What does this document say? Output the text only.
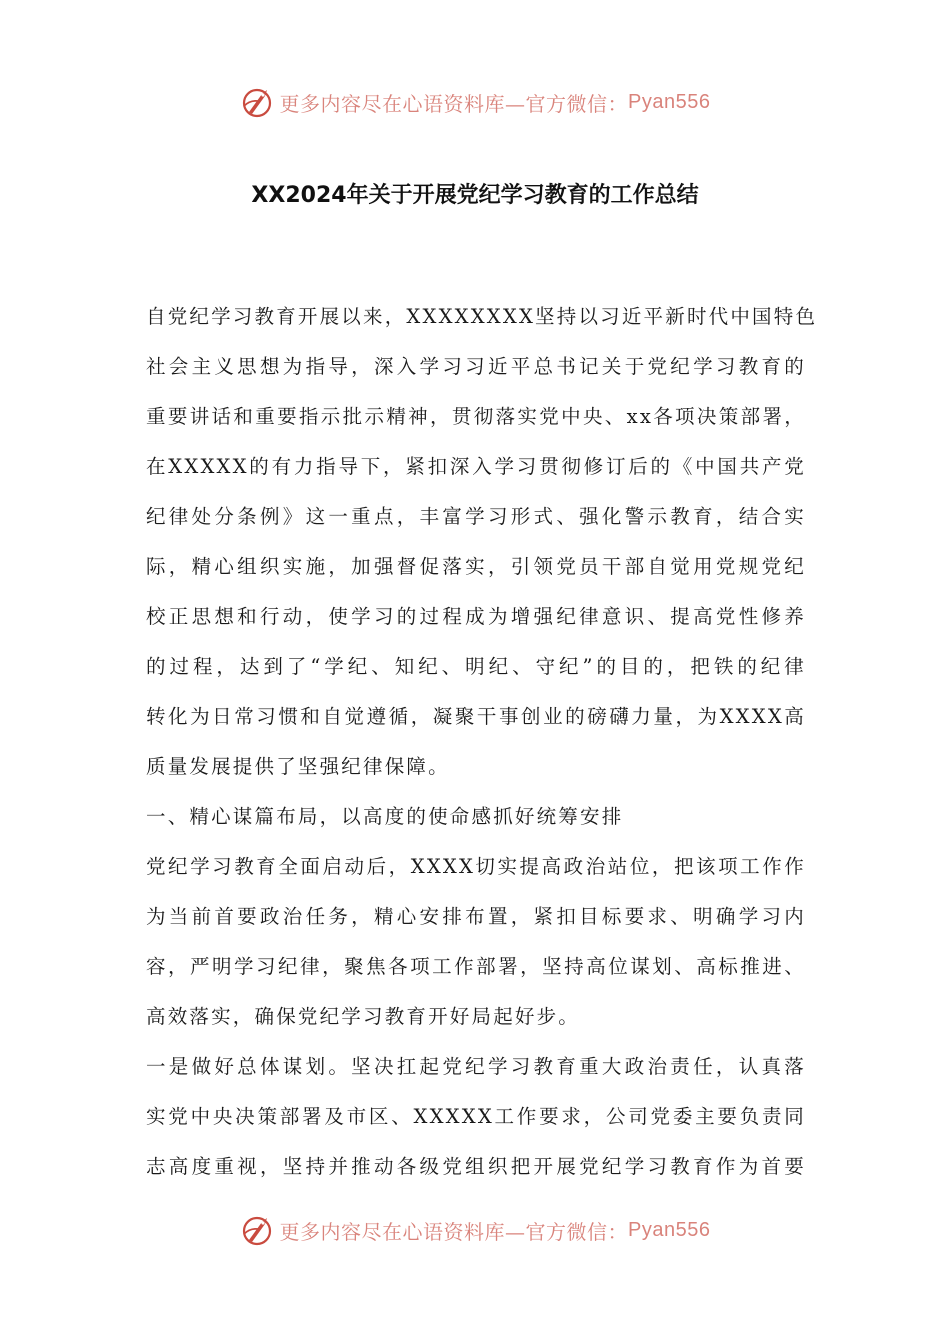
更多内容尽在心语资料库—官方微信： Pyan556
XX2024年关于开展党纪学习教育的工作总结
自党纪学习教育开展以来，XXXXXXXX坚持以习近平新时代中国特色
社会主义思想为指导，深入学习习近平总书记关于党纪学习教育的
重要讲话和重要指示批示精神，贯彻落实党中央、xx各项决策部署，
在XXXXX的有力指导下，紧扣深入学习贯彻修订后的《中国共产党
纪律处分条例》这一重点，丰富学习形式、强化警示教育，结合实
际，精心组织实施，加强督促落实，引领党员干部自觉用党规党纪
校正思想和行动，使学习的过程成为增强纪律意识、提高党性修养
的过程，达到了“学纪、知纪、明纪、守纪”的目的，把铁的纪律
转化为日常习惯和自觉遵循，凝聚干事创业的磅礴力量，为XXXX高
质量发展提供了坚强纪律保障。
一、精心谋篇布局，以高度的使命感抓好统筹安排
党纪学习教育全面启动后，XXXX切实提高政治站位，把该项工作作
为当前首要政治任务，精心安排布置，紧扣目标要求、明确学习内
容，严明学习纪律，聚焦各项工作部署，坚持高位谋划、高标推进、
高效落实，确保党纪学习教育开好局起好步。
一是做好总体谋划。坚决扛起党纪学习教育重大政治责任，认真落
实党中央决策部署及市区、XXXXX工作要求，公司党委主要负责同
志高度重视，坚持并推动各级党组织把开展党纪学习教育作为首要
更多内容尽在心语资料库—官方微信： Pyan556
